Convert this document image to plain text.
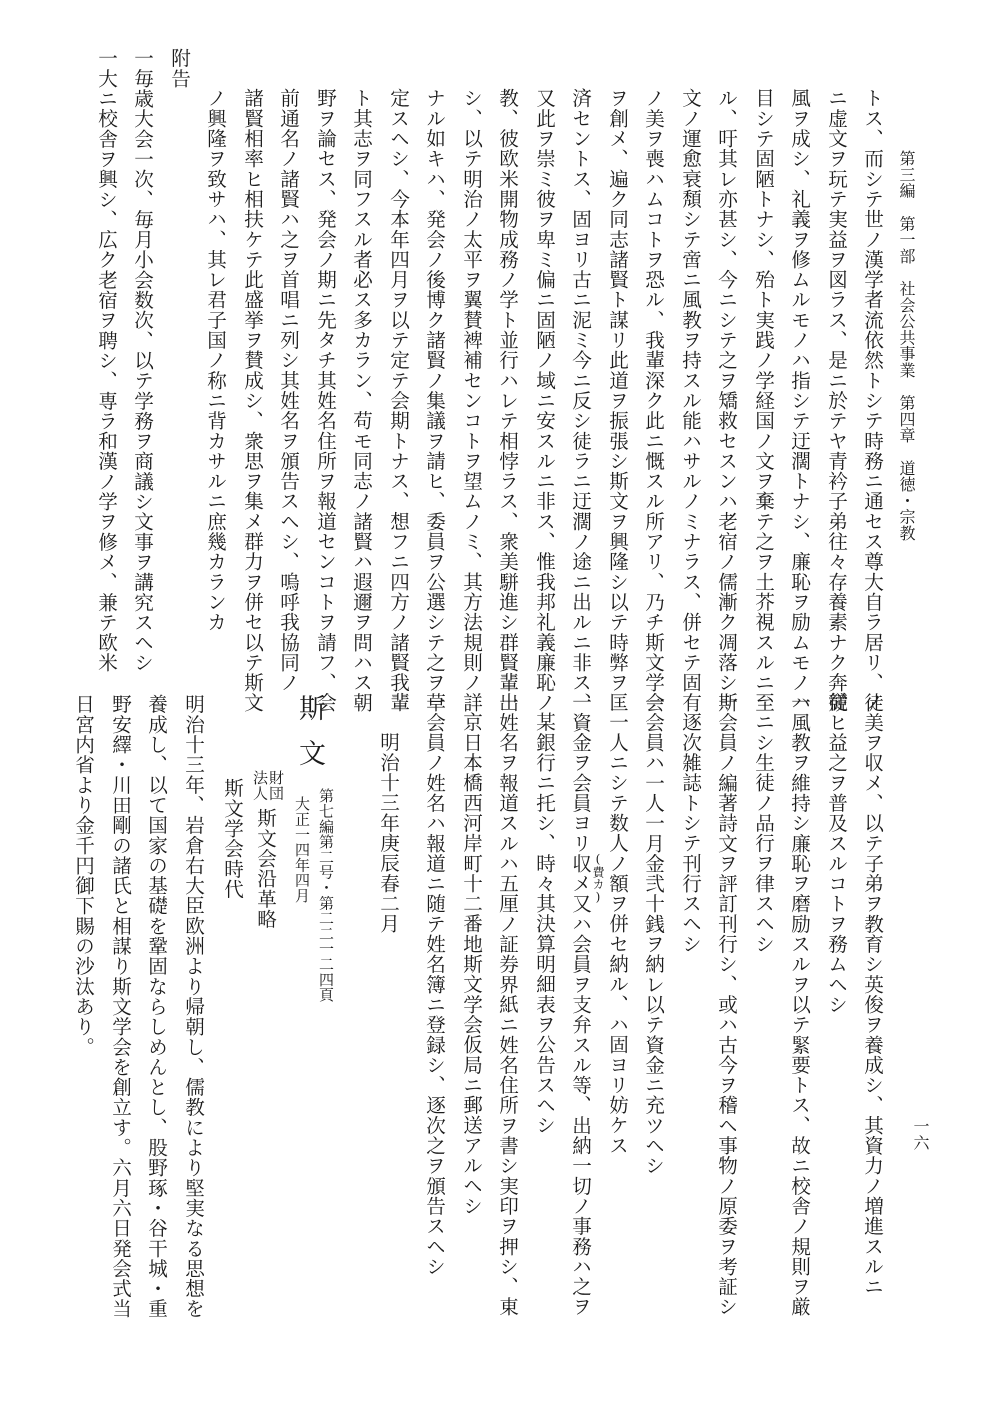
第三編　第一部　社会公共事業　第四章　道徳・宗教
一六
トス、而シテ世ノ漢学者流依然トシテ時務ニ通セス尊大自ラ居リ、徒
ニ虚文ヲ玩テ実益ヲ図ラス、是ニ於テヤ青衿子弟往々存養素ナク奔競
風ヲ成シ、礼義ヲ修ムルモノハ指シテ迂濶トナシ、廉恥ヲ励ムモノハ
目シテ固陋トナシ、殆ト実践ノ学経国ノ文ヲ棄テ之ヲ土芥視スルニ至
ル、吁其レ亦甚シ、今ニシテ之ヲ矯救セスンハ老宿ノ儒漸ク凋落シ斯
文ノ運愈衰頽シテ啻ニ風教ヲ持スル能ハサルノミナラス、併セテ固有
ノ美ヲ喪ハムコトヲ恐ル、我輩深ク此ニ慨スル所アリ、乃チ斯文学会
ヲ創メ、遍ク同志諸賢ト謀リ此道ヲ振張シ斯文ヲ興隆シ以テ時弊ヲ匡
済セントス、固ヨリ古ニ泥ミ今ニ反シ徒ラニ迂濶ノ途ニ出ルニ非ス、
又此ヲ崇ミ彼ヲ卑ミ偏ニ固陋ノ域ニ安スルニ非ス、惟我邦礼義廉恥ノ
教、彼欧米開物成務ノ学ト並行ハレテ相悖ラス、衆美駢進シ群賢輩出
シ、以テ明治ノ太平ヲ翼賛裨補センコトヲ望ムノミ、其方法規則ノ詳
ナル如キハ、発会ノ後博ク諸賢ノ集議ヲ請ヒ、委員ヲ公選シテ之ヲ草
定スヘシ、今本年四月ヲ以テ定テ会期トナス、想フニ四方ノ諸賢我輩
ト其志ヲ同フスル者必ス多カラン、苟モ同志ノ諸賢ハ遐邇ヲ問ハス朝
野ヲ論セス、発会ノ期ニ先タチ其姓名住所ヲ報道センコトヲ請フ、会
前通名ノ諸賢ハ之ヲ首唱ニ列シ其姓名ヲ頒告スヘシ、嗚呼我協同ノ
諸賢相率ヒ相扶ケテ此盛挙ヲ賛成シ、衆思ヲ集メ群力ヲ併セ以テ斯文
ノ興隆ヲ致サハ、其レ君子国ノ称ニ背カサルニ庶幾カランカ
附告
一毎歳大会一次、毎月小会数次、以テ学務ヲ商議シ文事ヲ講究スヘシ
一大ニ校舎ヲ興シ、広ク老宿ヲ聘シ、専ラ和漢ノ学ヲ修メ、兼テ欧米
ノ美ヲ収メ、以テ子弟ヲ教育シ英俊ヲ養成シ、其資力ノ増進スルニ
従ヒ益之ヲ普及スルコトヲ務ムヘシ
一風教ヲ維持シ廉恥ヲ磨励スルヲ以テ緊要トス、故ニ校舎ノ規則ヲ厳
ニシ生徒ノ品行ヲ律スヘシ
一会員ノ編著詩文ヲ評訂刊行シ、或ハ古今ヲ稽ヘ事物ノ原委ヲ考証シ
逐次雑誌トシテ刊行スヘシ
一会員ハ一人一月金弐十銭ヲ納レ以テ資金ニ充ツヘシ
一人ニシテ数人ノ額ヲ併セ納ル、ハ固ヨリ妨ケス
(費カ)
一資金ヲ会員ヨリ収メ又ハ会員ヲ支弁スル等、出納一切ノ事務ハ之ヲ
某銀行ニ托シ、時々其決算明細表ヲ公告スヘシ
一姓名ヲ報道スルハ五厘ノ証券界紙ニ姓名住所ヲ書シ実印ヲ押シ、東
京日本橋西河岸町十二番地斯文学会仮局ニ郵送アルヘシ
一会員ノ姓名ハ報道ニ随テ姓名簿ニ登録シ、逐次之ヲ頒告スヘシ
明治十三年庚辰春二月
斯文
第七編第二号・第二二一二四頁
大正一四年四月
財団
法人
斯文会沿革略
斯文学会時代
明治十三年、岩倉右大臣欧洲より帰朝し、儒教により堅実なる思想を
養成し、以て国家の基礎を鞏固ならしめんとし、股野琢・谷干城・重
野安繹・川田剛の諸氏と相謀り斯文学会を創立す。六月六日発会式当
日宮内省より金千円御下賜の沙汰あり。
